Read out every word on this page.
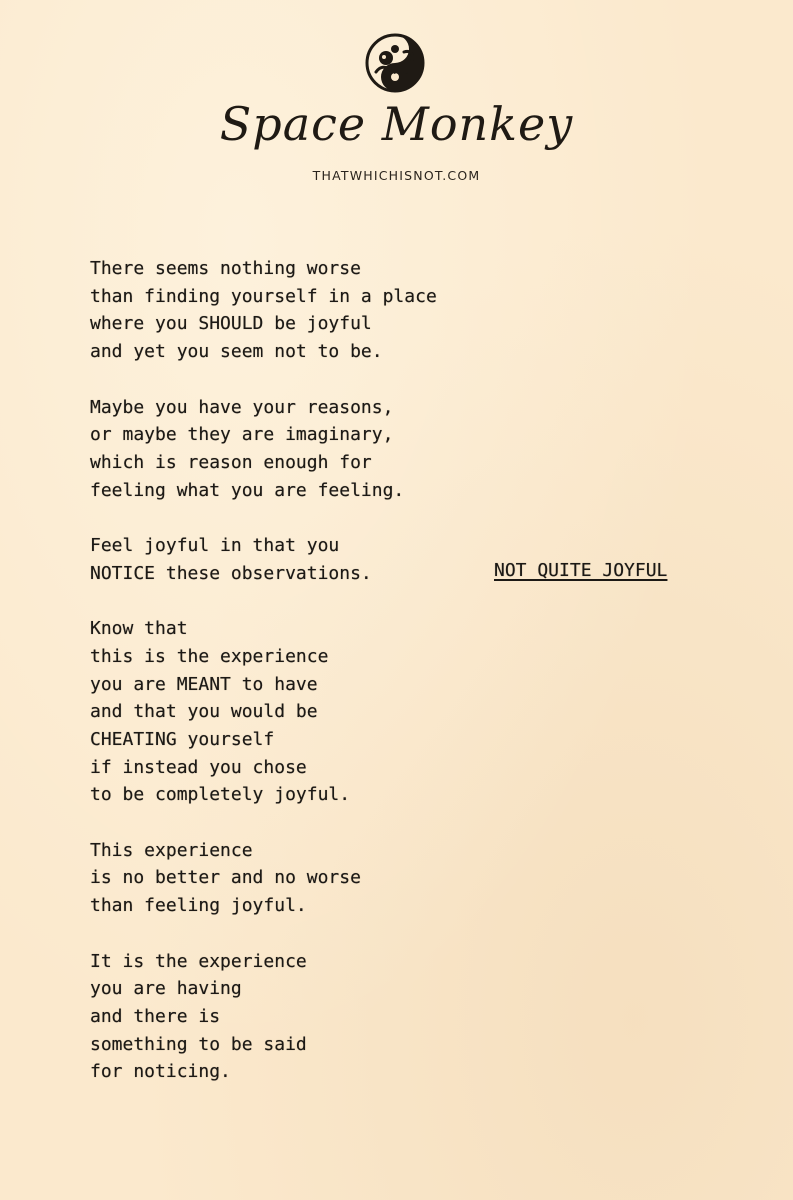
Space Monkey
THATWHICHISNOT.COM
There seems nothing worse
than finding yourself in a place
where you SHOULD be joyful
and yet you seem not to be.
Maybe you have your reasons,
or maybe they are imaginary,
which is reason enough for
feeling what you are feeling.
Feel joyful in that you
NOTICE these observations.
Know that
this is the experience
you are MEANT to have
and that you would be
CHEATING yourself
if instead you chose
to be completely joyful.
This experience
is no better and no worse
than feeling joyful.
It is the experience
you are having
and there is
something to be said
for noticing.
NOT QUITE JOYFUL
